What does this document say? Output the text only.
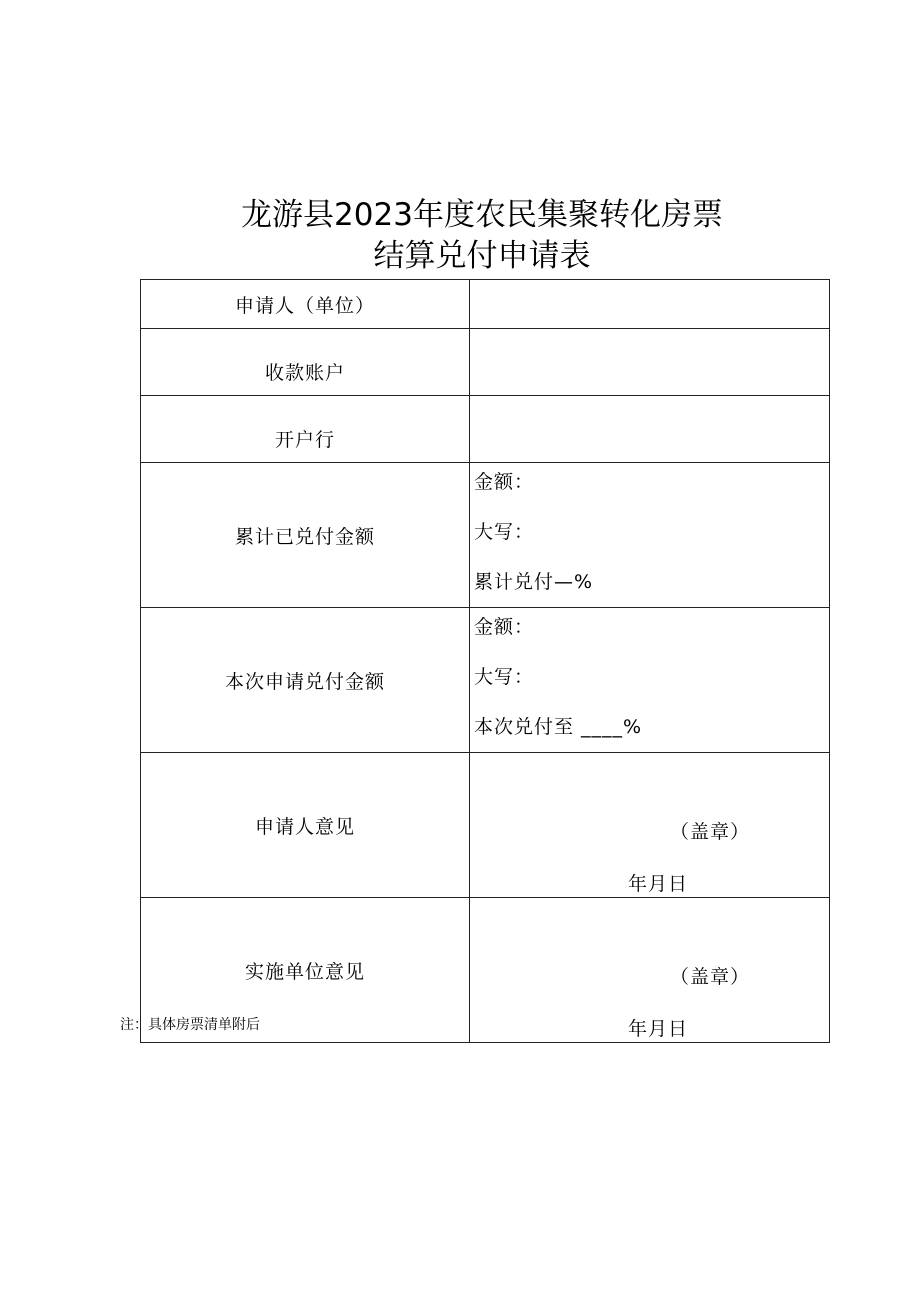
龙游县2023年度农民集聚转化房票
结算兑付申请表
申请人（单位）	
收款账户	
开户行	
累计已兑付金额	金额：
大写：
累计兑付—%

本次申请兑付金额	金额：
大写：
本次兑付至 ____%

申请人意见	（盖章）
年月日

实施单位意见	（盖章）
年月日
注：具体房票清单附后
